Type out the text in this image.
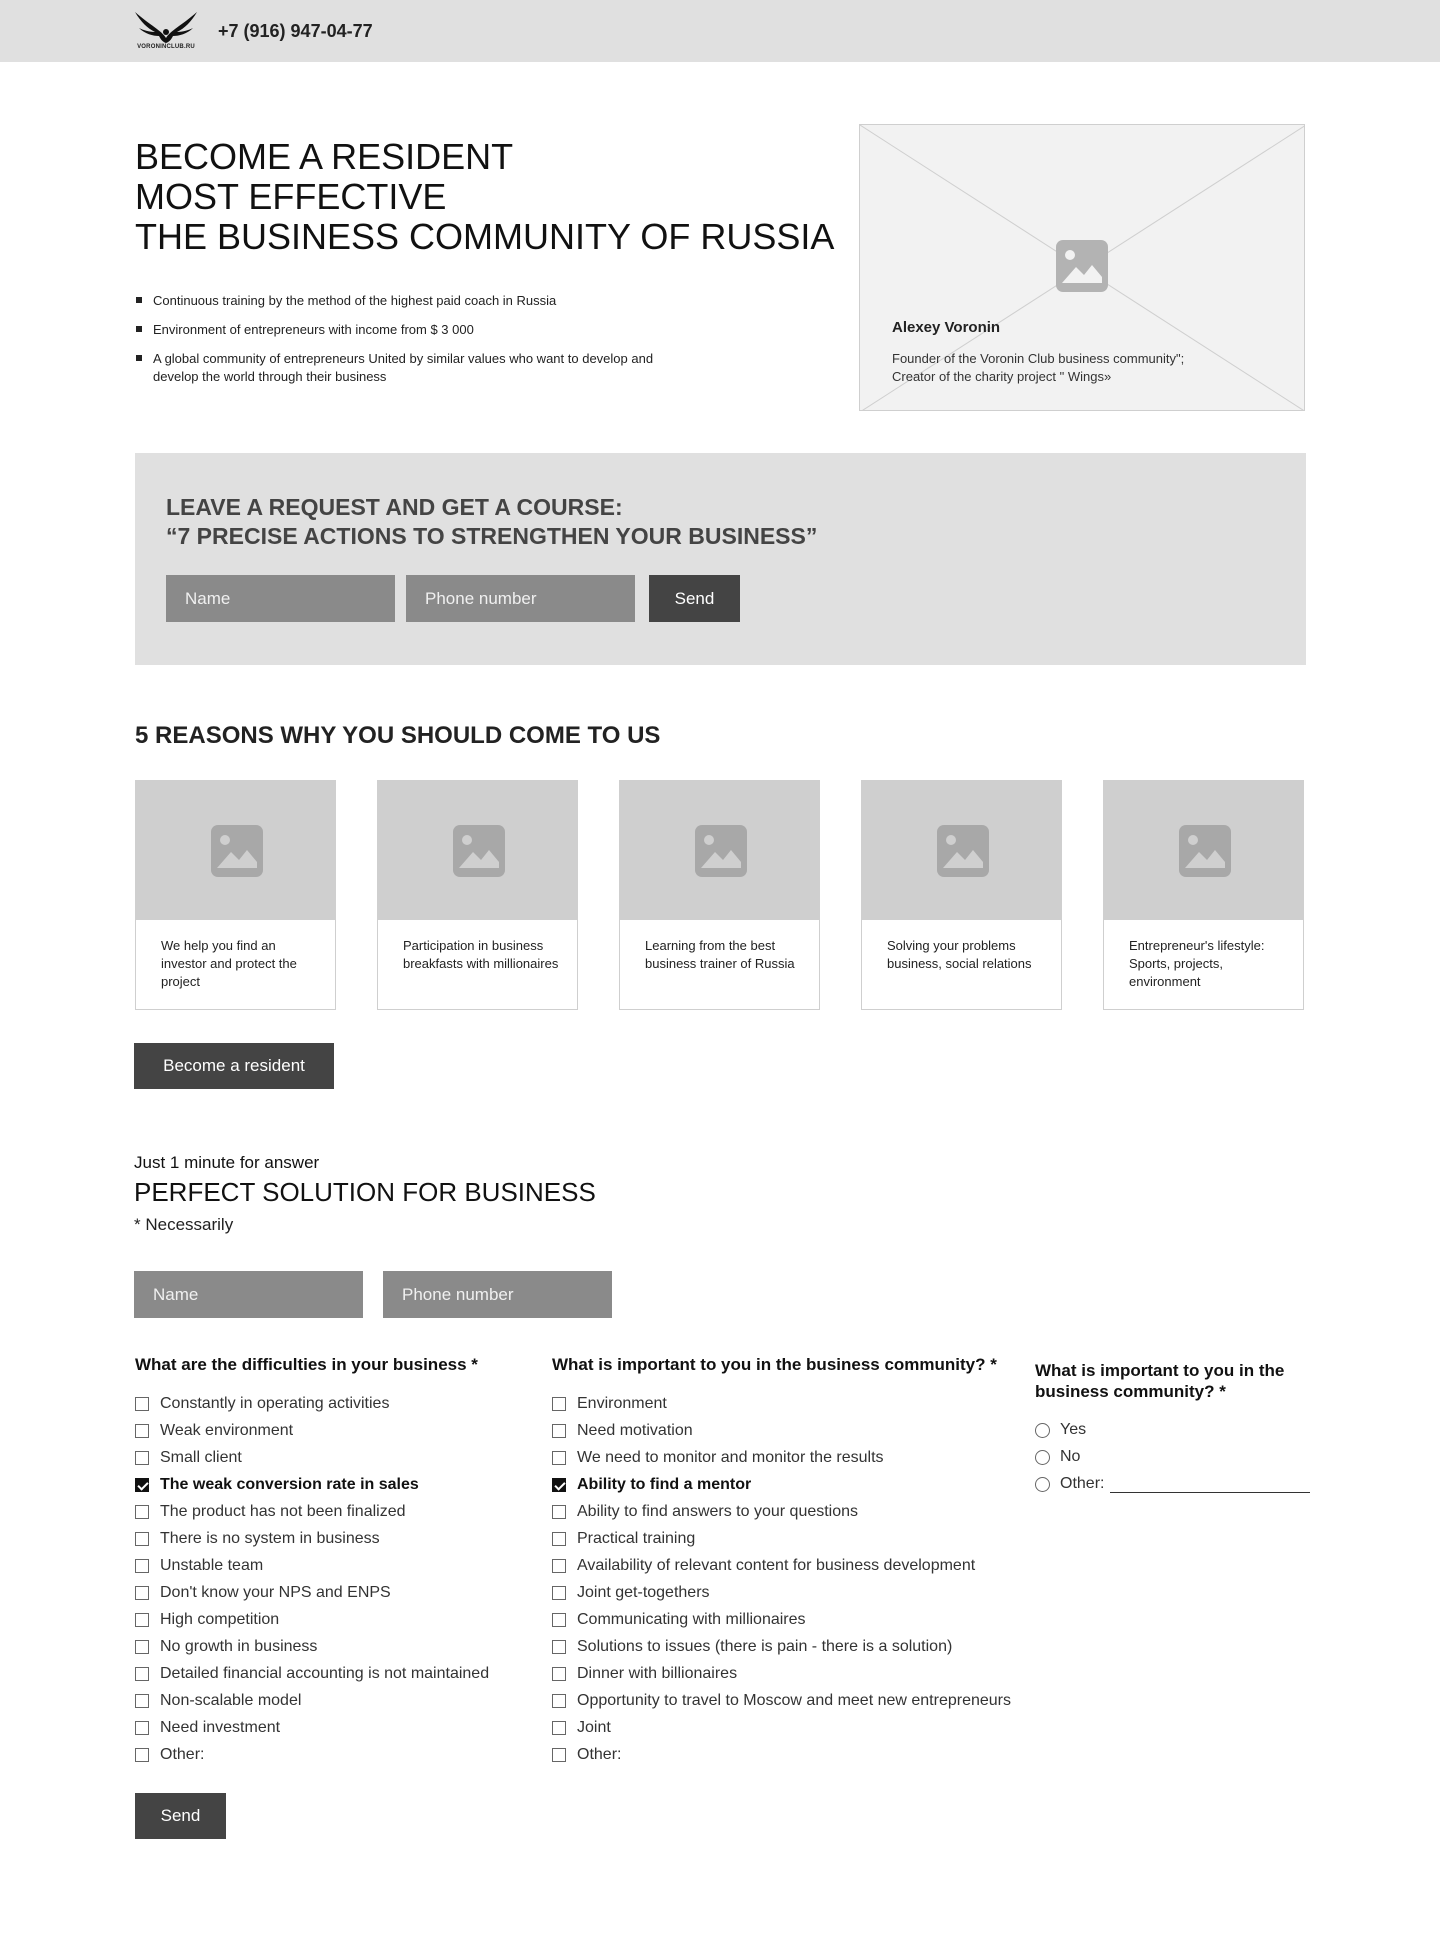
VORONINCLUB.RU
+7 (916) 947-04-77
BECOME A RESIDENT
MOST EFFECTIVE
THE BUSINESS COMMUNITY OF RUSSIA
Continuous training by the method of the highest paid coach in Russia
Environment of entrepreneurs with income from $ 3 000
A global community of entrepreneurs United by similar values who want to develop and develop the world through their business
Alexey Voronin
Founder of the Voronin Club business community";
Creator of the charity project " Wings»
LEAVE A REQUEST AND GET A COURSE:
“7 PRECISE ACTIONS TO STRENGTHEN YOUR BUSINESS”
Name
Phone number
Send
5 REASONS WHY YOU SHOULD COME TO US
We help you find an investor and protect the project
Participation in business breakfasts with millionaires
Learning from the best business trainer of Russia
Solving your problems business, social relations
Entrepreneur's lifestyle: Sports, projects, environment
Become a resident
Just 1 minute for answer
PERFECT SOLUTION FOR BUSINESS
* Necessarily
Name
Phone number
What are the difficulties in your business *
Constantly in operating activities
Weak environment
Small client
The weak conversion rate in sales
The product has not been finalized
There is no system in business
Unstable team
Don't know your NPS and ENPS
High competition
No growth in business
Detailed financial accounting is not maintained
Non-scalable model
Need investment
Other:
What is important to you in the business community? *
Environment
Need motivation
We need to monitor and monitor the results
Ability to find a mentor
Ability to find answers to your questions
Practical training
Availability of relevant content for business development
Joint get-togethers
Communicating with millionaires
Solutions to issues (there is pain - there is a solution)
Dinner with billionaires
Opportunity to travel to Moscow and meet new entrepreneurs
Joint
Other:
What is important to you in the
business community? *
Yes
No
Other:
Send
